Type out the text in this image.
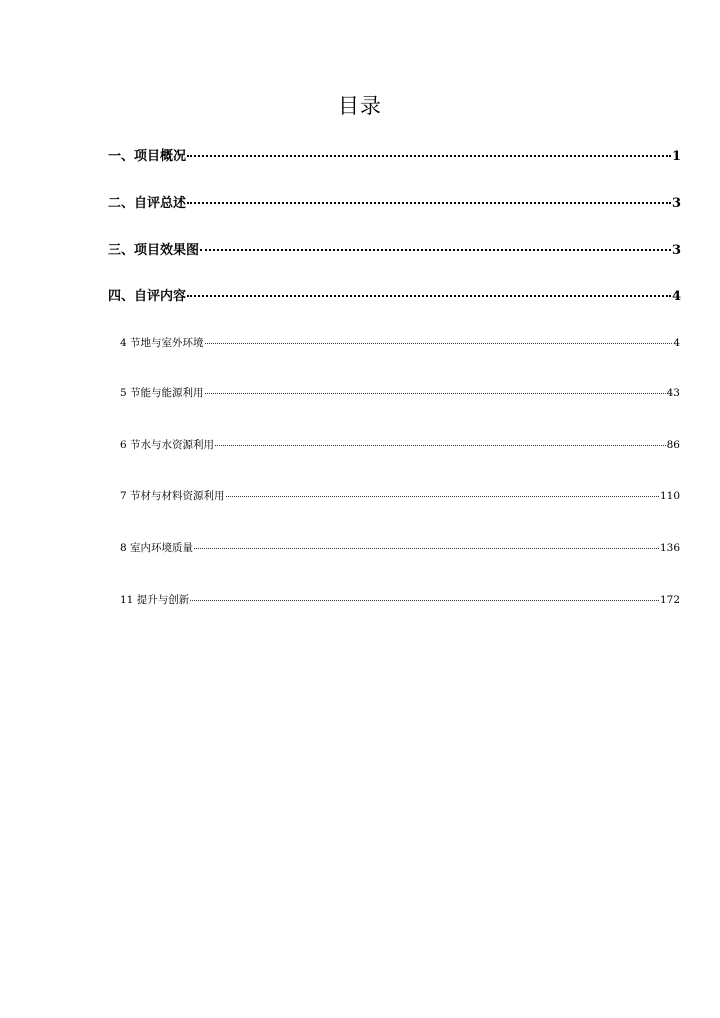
目录
一、项目概况	1
二、自评总述	3
三、项目效果图	3
四、自评内容	4
4 节地与室外环境	4
5 节能与能源利用	43
6 节水与水资源利用	86
7 节材与材料资源利用	110
8 室内环境质量	136
11 提升与创新	172
